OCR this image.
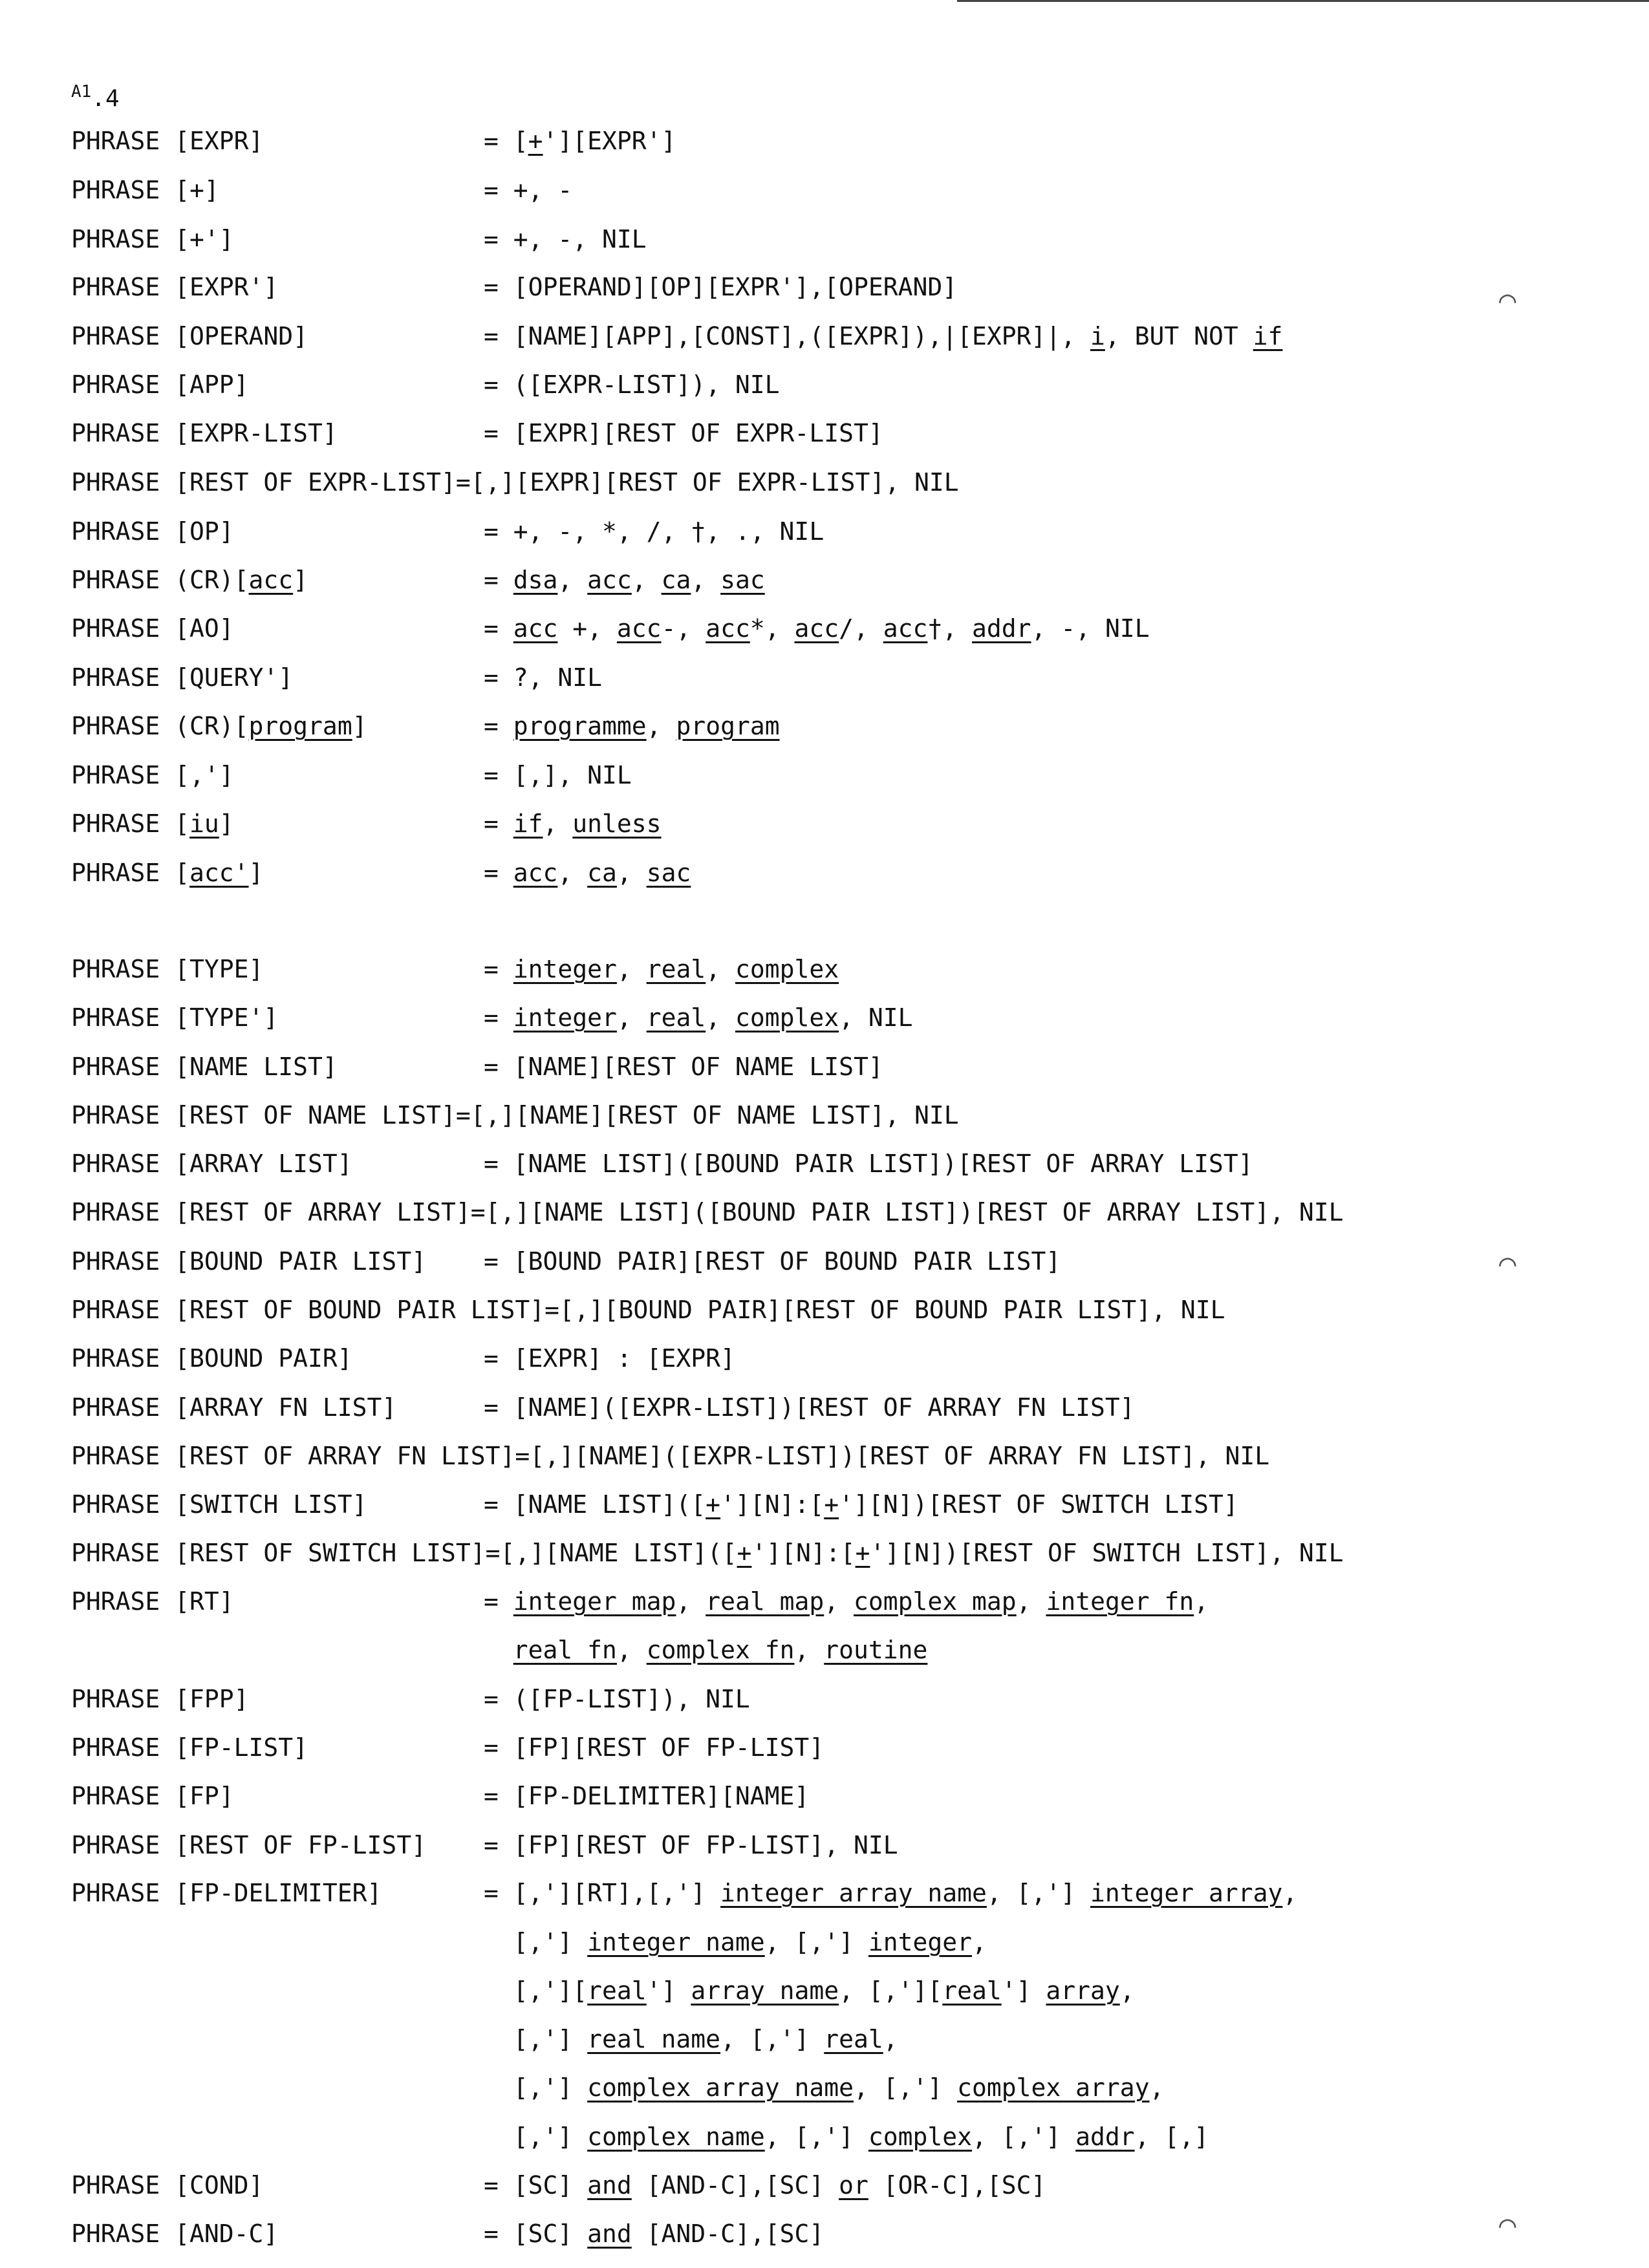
$^{A1}$.4
PHRASE [EXPR]	= [+'][EXPR']
PHRASE [+]	= +, -
PHRASE [+']	= +, -, NIL
PHRASE [EXPR']	= [OPERAND][OP][EXPR'],[OPERAND]
PHRASE [OPERAND]	= [NAME][APP],[CONST],([EXPR]),|[EXPR]|, i, BUT NOT if
PHRASE [APP]	= ([EXPR-LIST]), NIL
PHRASE [EXPR-LIST]	= [EXPR][REST OF EXPR-LIST]
PHRASE [REST OF EXPR-LIST]=[,][EXPR][REST OF EXPR-LIST], NIL
PHRASE [OP]	= +, -, *, /, †, ., NIL
PHRASE (CR)[acc]	= dsa, acc, ca, sac
PHRASE [AO]	= acc +, acc-, acc*, acc/, acc†, addr, -, NIL
PHRASE [QUERY']	= ?, NIL
PHRASE (CR)[program]	= programme, program
PHRASE [,']	= [,], NIL
PHRASE [iu]	= if, unless
PHRASE [acc']	= acc, ca, sac
PHRASE [TYPE]	= integer, real, complex
PHRASE [TYPE']	= integer, real, complex, NIL
PHRASE [NAME LIST]	= [NAME][REST OF NAME LIST]
PHRASE [REST OF NAME LIST]=[,][NAME][REST OF NAME LIST], NIL
PHRASE [ARRAY LIST]	= [NAME LIST]([BOUND PAIR LIST])[REST OF ARRAY LIST]
PHRASE [REST OF ARRAY LIST]=[,][NAME LIST]([BOUND PAIR LIST])[REST OF ARRAY LIST], NIL
PHRASE [BOUND PAIR LIST] = [BOUND PAIR][REST OF BOUND PAIR LIST]
PHRASE [REST OF BOUND PAIR LIST]=[,][BOUND PAIR][REST OF BOUND PAIR LIST], NIL
PHRASE [BOUND PAIR]	= [EXPR] : [EXPR]
PHRASE [ARRAY FN LIST]	= [NAME]([EXPR-LIST])[REST OF ARRAY FN LIST]
PHRASE [REST OF ARRAY FN LIST]=[,][NAME]([EXPR-LIST])[REST OF ARRAY FN LIST], NIL
PHRASE [SWITCH LIST]	= [NAME LIST]([+'][N]:[+'][N])[REST OF SWITCH LIST]
PHRASE [REST OF SWITCH LIST]=[,][NAME LIST]([+'][N]:[+'][N])[REST OF SWITCH LIST], NIL
PHRASE [RT]	= integer map, real map, complex map, integer fn,
real fn, complex fn, routine
PHRASE [FPP]	= ([FP-LIST]), NIL
PHRASE [FP-LIST]	= [FP][REST OF FP-LIST]
PHRASE [FP]	= [FP-DELIMITER][NAME]
PHRASE [REST OF FP-LIST] = [FP][REST OF FP-LIST], NIL
PHRASE [FP-DELIMITER]	= [,'][RT],[,'] integer array name, [,'] integer array,
[,'] integer name, [,'] integer,
[,'][real'] array name, [,'][real'] array,
[,'] real name, [,'] real,
[,'] complex array name, [,'] complex array,
[,'] complex name, [,'] complex, [,'] addr, [,]
PHRASE [COND]	= [SC] and [AND-C],[SC] or [OR-C],[SC]
PHRASE [AND-C]	= [SC] and [AND-C],[SC]
⌒
⌒
⌒
